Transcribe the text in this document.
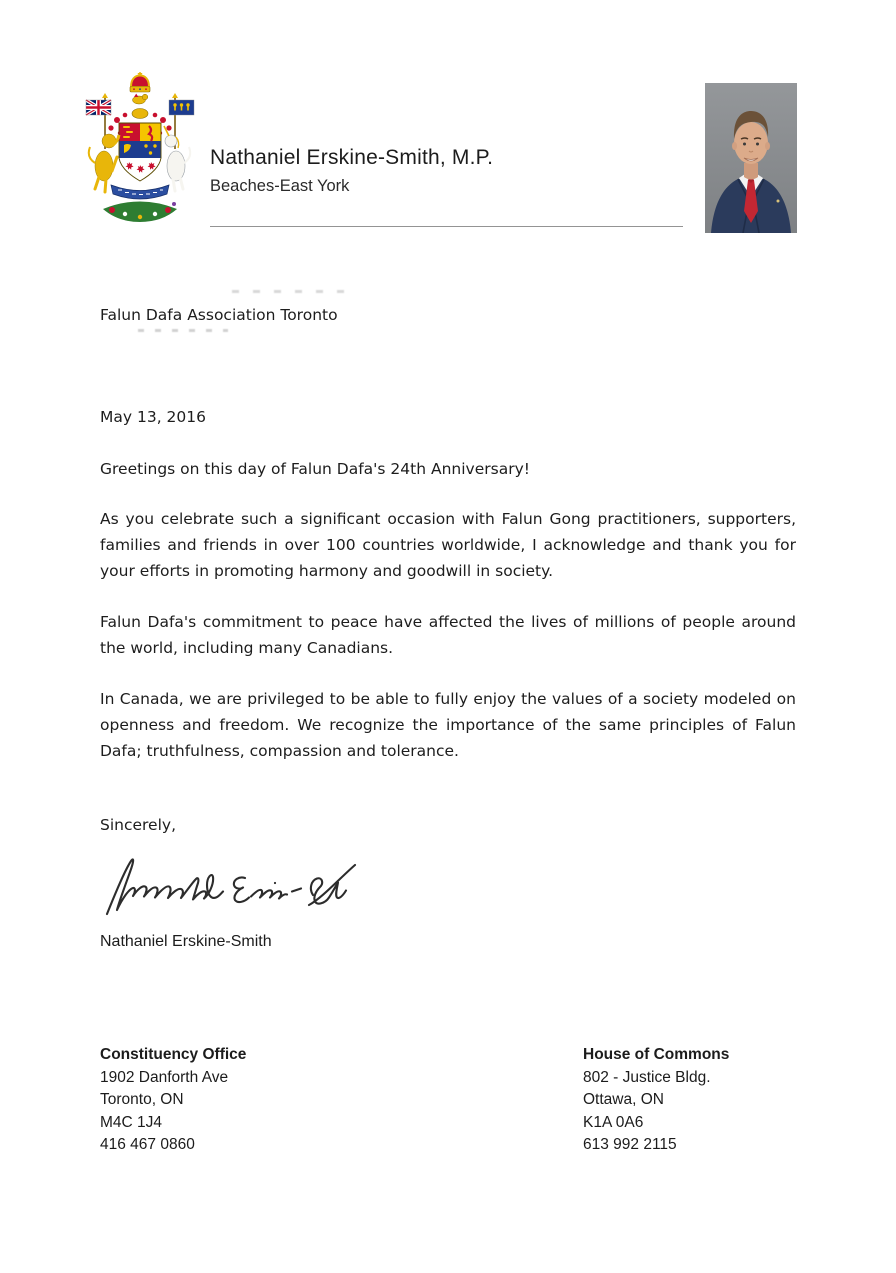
Nathaniel Erskine-Smith, M.P.
Beaches-East York
Falun Dafa Association Toronto
May 13, 2016
Greetings on this day of Falun Dafa's 24th Anniversary!

As you celebrate such a significant occasion with Falun Gong practitioners, supporters, families and friends in over 100 countries worldwide, I acknowledge and thank you for your efforts in promoting harmony and goodwill in society.

Falun Dafa's commitment to peace have affected the lives of millions of people around the world, including many Canadians.

In Canada, we are privileged to be able to fully enjoy the values of a society modeled on openness and freedom. We recognize the importance of the same principles of Falun Dafa; truthfulness, compassion and tolerance.

Sincerely,
Nathaniel Erskine-Smith
Constituency Office
1902 Danforth Ave
Toronto, ON
M4C 1J4
416 467 0860
House of Commons
802 - Justice Bldg.
Ottawa, ON
K1A 0A6
613 992 2115
